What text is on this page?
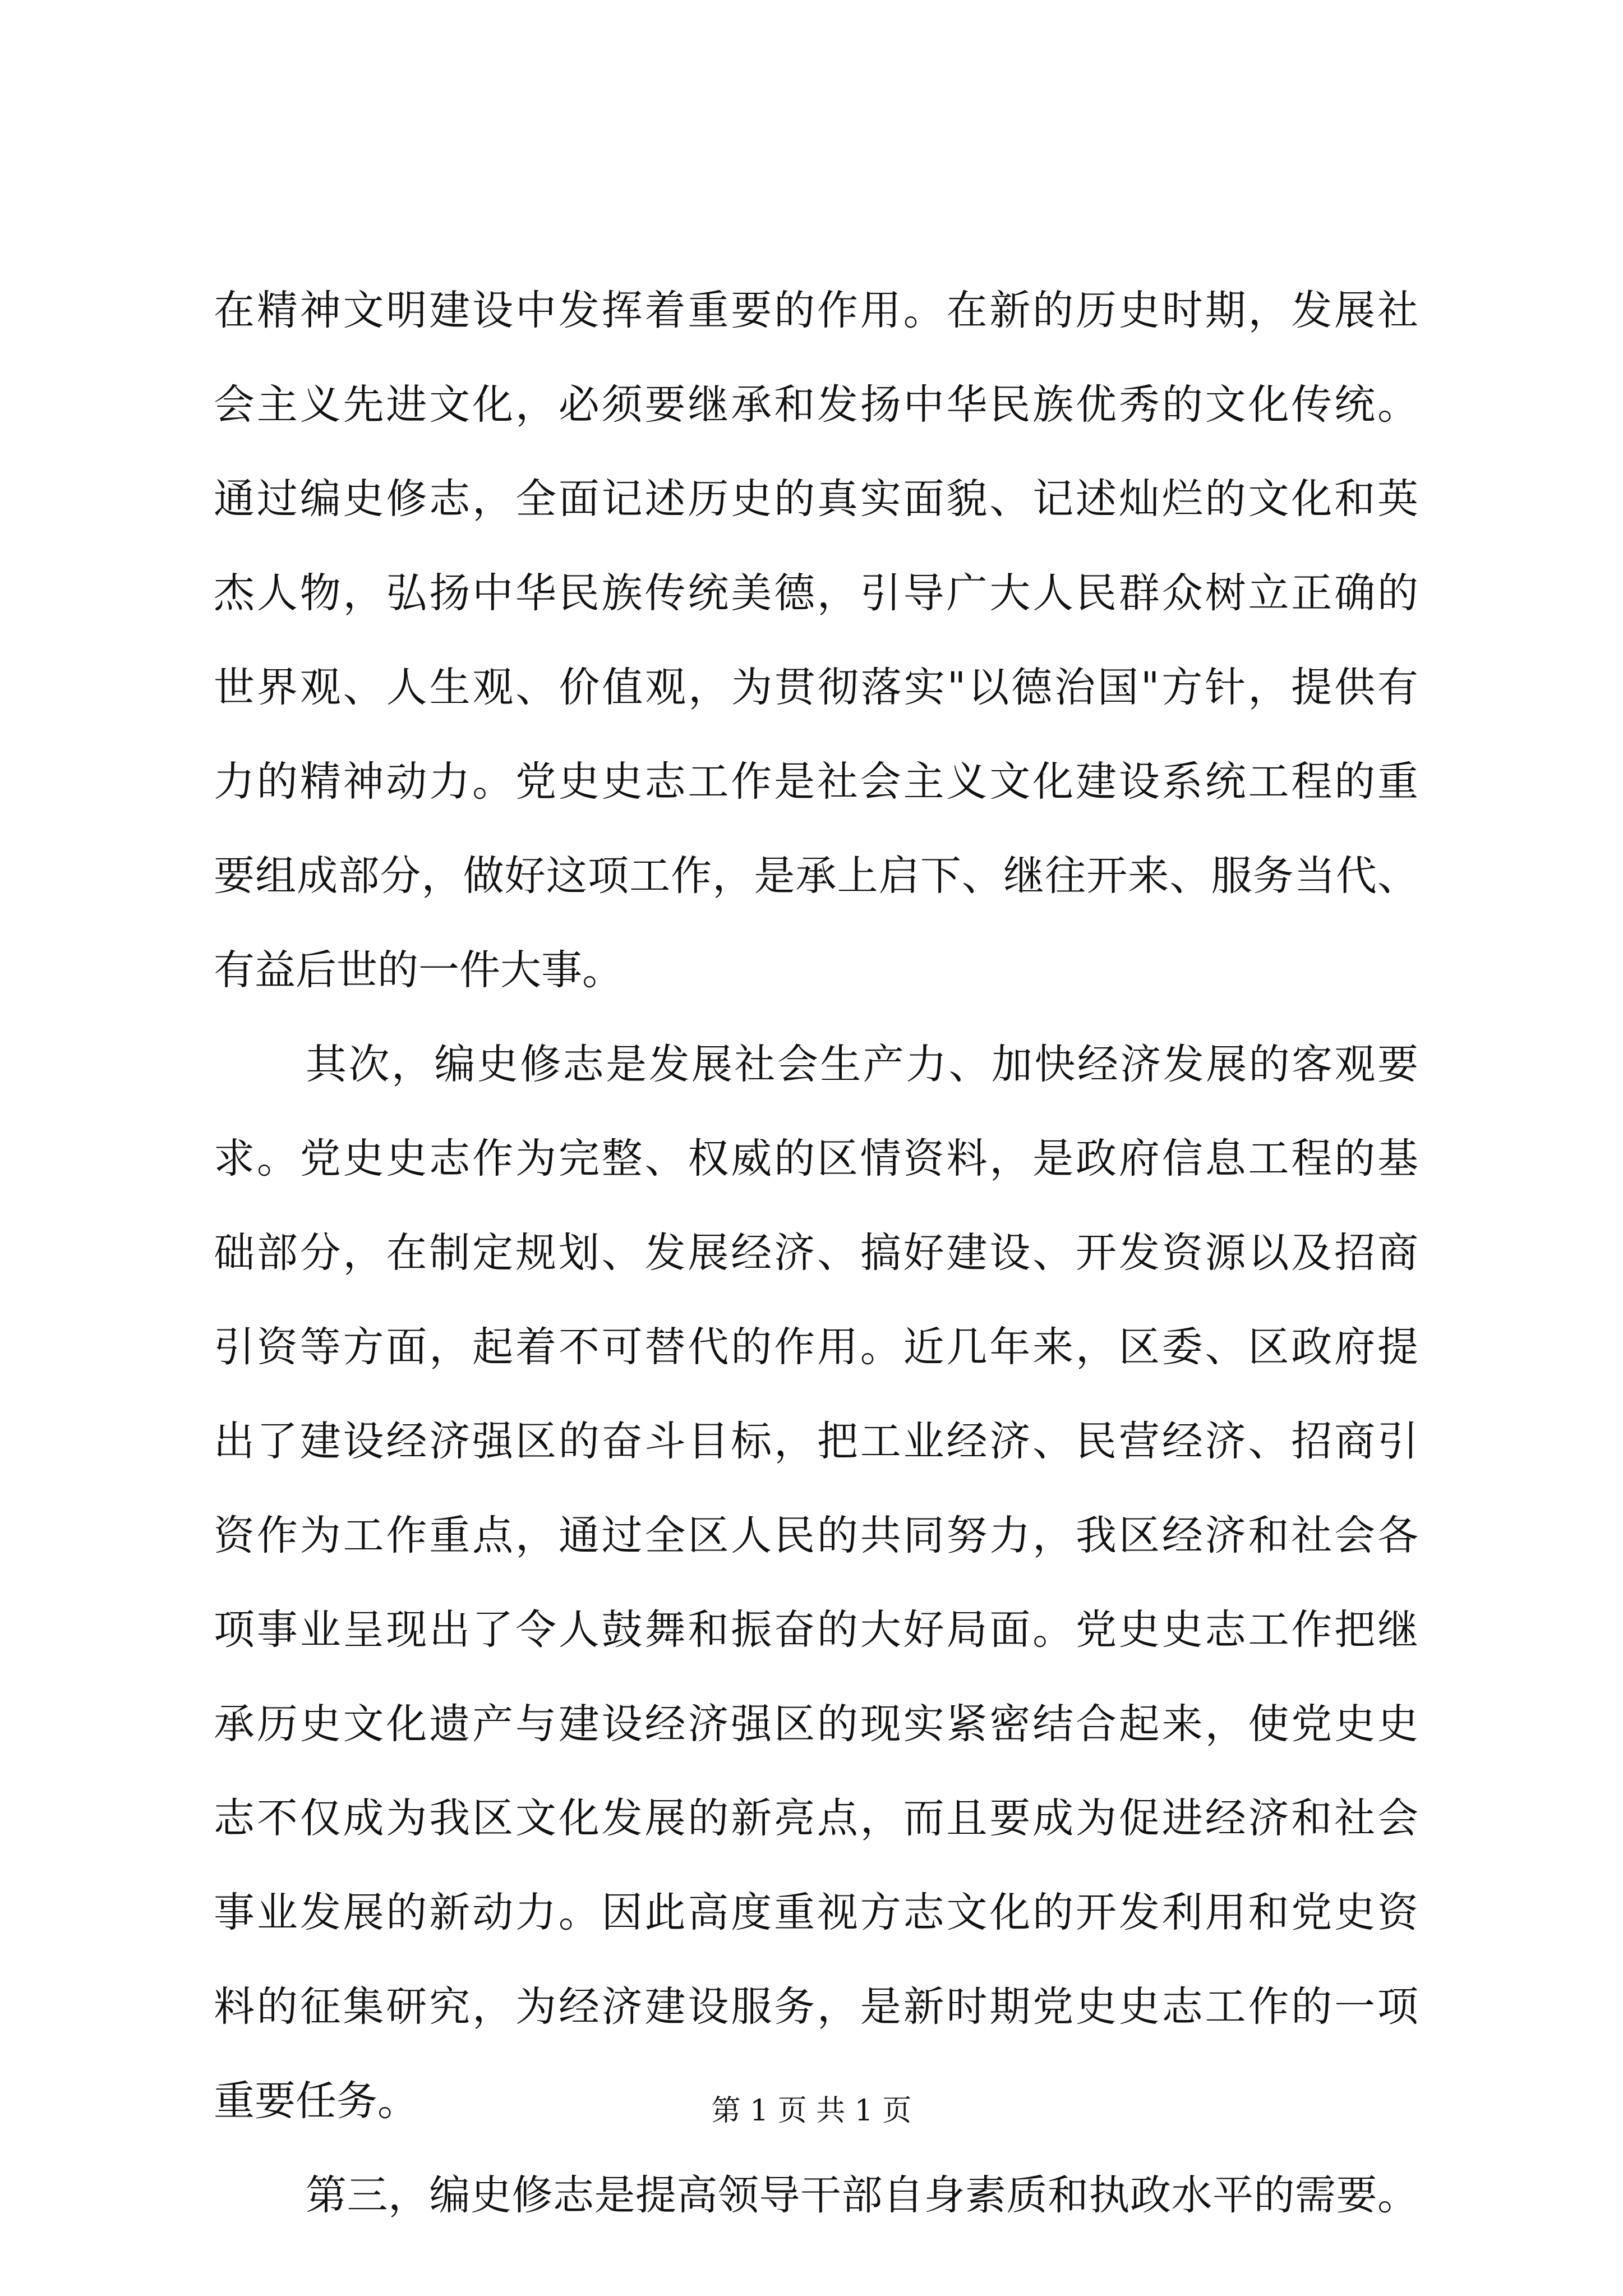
在精神文明建设中发挥着重要的作用。在新的历史时期，发展社
会主义先进文化，必须要继承和发扬中华民族优秀的文化传统。
通过编史修志，全面记述历史的真实面貌、记述灿烂的文化和英
杰人物，弘扬中华民族传统美德，引导广大人民群众树立正确的
世界观、人生观、价值观，为贯彻落实"以德治国"方针，提供有
力的精神动力。党史史志工作是社会主义文化建设系统工程的重
要组成部分，做好这项工作，是承上启下、继往开来、服务当代、
有益后世的一件大事。
其次，编史修志是发展社会生产力、加快经济发展的客观要
求。党史史志作为完整、权威的区情资料，是政府信息工程的基
础部分，在制定规划、发展经济、搞好建设、开发资源以及招商
引资等方面，起着不可替代的作用。近几年来，区委、区政府提
出了建设经济强区的奋斗目标，把工业经济、民营经济、招商引
资作为工作重点，通过全区人民的共同努力，我区经济和社会各
项事业呈现出了令人鼓舞和振奋的大好局面。党史史志工作把继
承历史文化遗产与建设经济强区的现实紧密结合起来，使党史史
志不仅成为我区文化发展的新亮点，而且要成为促进经济和社会
事业发展的新动力。因此高度重视方志文化的开发利用和党史资
料的征集研究，为经济建设服务，是新时期党史史志工作的一项
重要任务。
第三，编史修志是提高领导干部自身素质和执政水平的需要。
第 1 页 共 1 页
